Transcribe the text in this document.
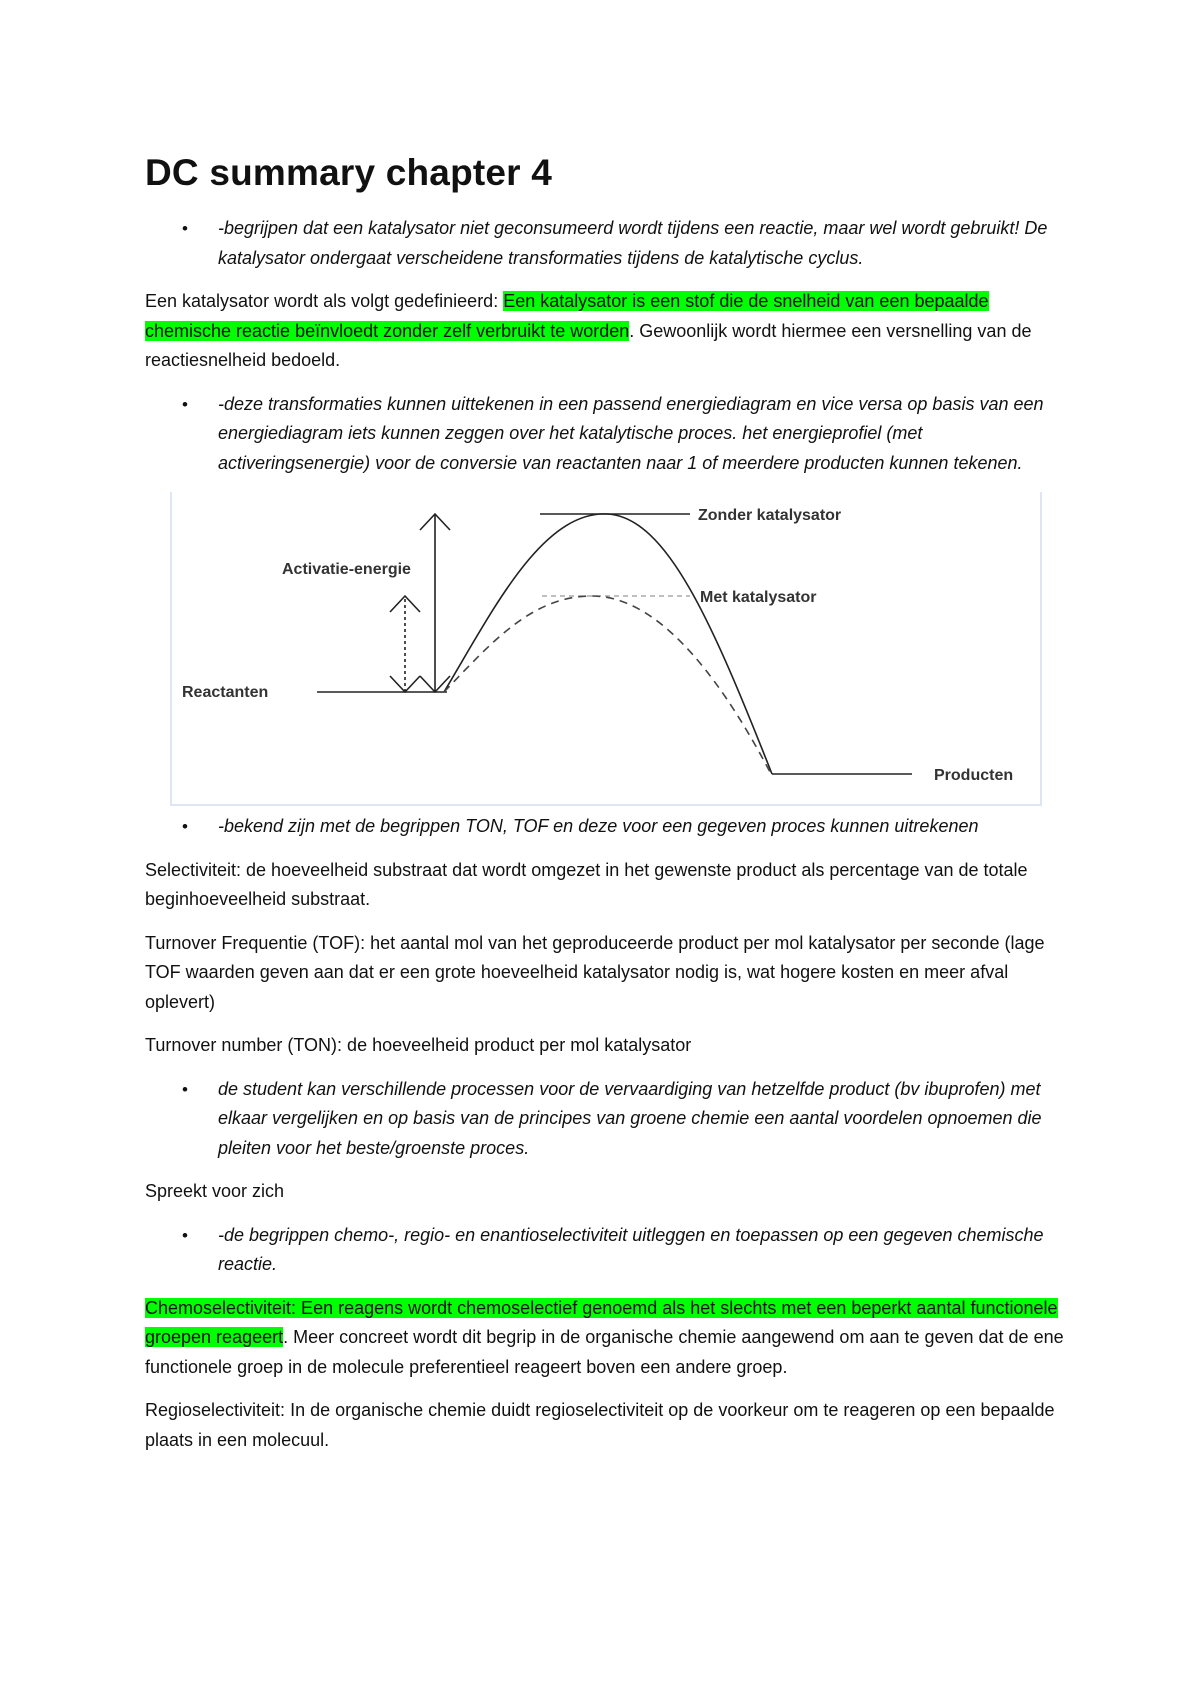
DC summary chapter 4
• -begrijpen dat een katalysator niet geconsumeerd wordt tijdens een reactie, maar wel wordt gebruikt! De katalysator ondergaat verscheidene transformaties tijdens de katalytische cyclus.

Een katalysator wordt als volgt gedefinieerd: Een katalysator is een stof die de snelheid van een bepaalde chemische reactie beïnvloedt zonder zelf verbruikt te worden. Gewoonlijk wordt hiermee een versnelling van de reactiesnelheid bedoeld.

• -deze transformaties kunnen uittekenen in een passend energiediagram en vice versa op basis van een energiediagram iets kunnen zeggen over het katalytische proces. het energieprofiel (met activeringsenergie) voor de conversie van reactanten naar 1 of meerdere producten kunnen tekenen.
Zonder katalysator
Met katalysator
Activatie-energie
Reactanten
Producten
• -bekend zijn met de begrippen TON, TOF en deze voor een gegeven proces kunnen uitrekenen

Selectiviteit: de hoeveelheid substraat dat wordt omgezet in het gewenste product als percentage van de totale beginhoeveelheid substraat.

Turnover Frequentie (TOF): het aantal mol van het geproduceerde product per mol katalysator per seconde (lage TOF waarden geven aan dat er een grote hoeveelheid katalysator nodig is, wat hogere kosten en meer afval oplevert)

Turnover number (TON): de hoeveelheid product per mol katalysator

• de student kan verschillende processen voor de vervaardiging van hetzelfde product (bv ibuprofen) met elkaar vergelijken en op basis van de principes van groene chemie een aantal voordelen opnoemen die pleiten voor het beste/groenste proces.

Spreekt voor zich

• -de begrippen chemo-, regio- en enantioselectiviteit uitleggen en toepassen op een gegeven chemische reactie.

Chemoselectiviteit: Een reagens wordt chemoselectief genoemd als het slechts met een beperkt aantal functionele groepen reageert. Meer concreet wordt dit begrip in de organische chemie aangewend om aan te geven dat de ene functionele groep in de molecule preferentieel reageert boven een andere groep.

Regioselectiviteit: In de organische chemie duidt regioselectiviteit op de voorkeur om te reageren op een bepaalde plaats in een molecuul.
